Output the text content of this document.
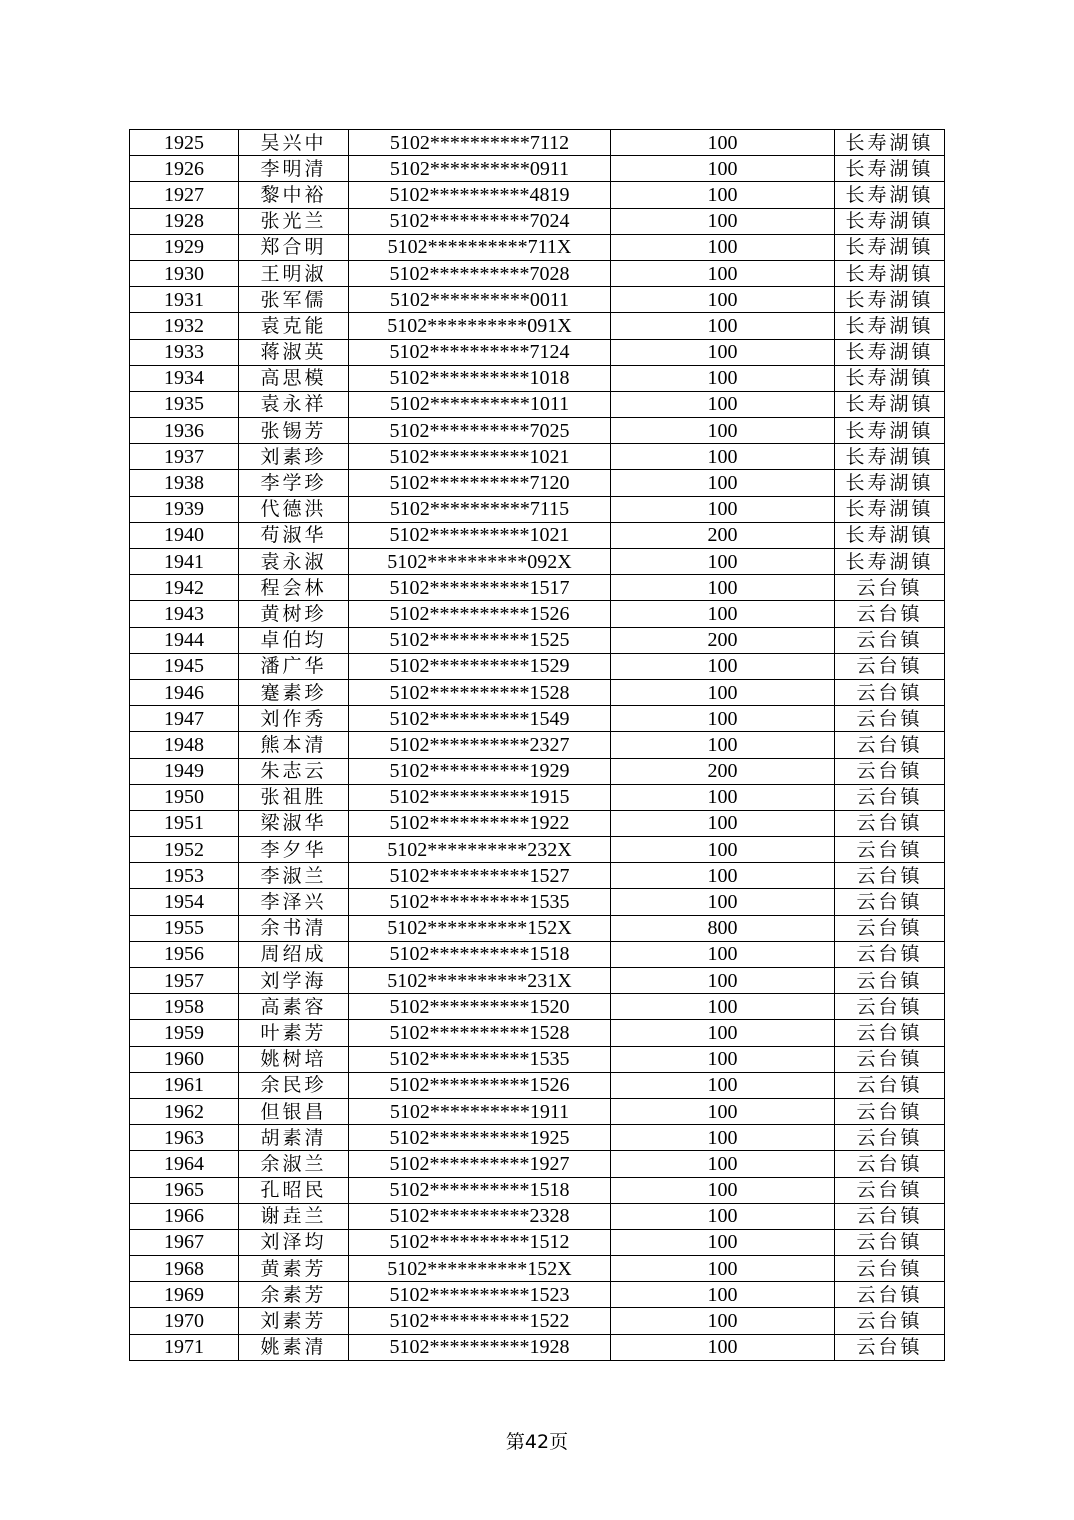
1925	吴兴中	5102**********7112	100	长寿湖镇
1926	李明清	5102**********0911	100	长寿湖镇
1927	黎中裕	5102**********4819	100	长寿湖镇
1928	张光兰	5102**********7024	100	长寿湖镇
1929	郑合明	5102**********711X	100	长寿湖镇
1930	王明淑	5102**********7028	100	长寿湖镇
1931	张军儒	5102**********0011	100	长寿湖镇
1932	袁克能	5102**********091X	100	长寿湖镇
1933	蒋淑英	5102**********7124	100	长寿湖镇
1934	高思模	5102**********1018	100	长寿湖镇
1935	袁永祥	5102**********1011	100	长寿湖镇
1936	张锡芳	5102**********7025	100	长寿湖镇
1937	刘素珍	5102**********1021	100	长寿湖镇
1938	李学珍	5102**********7120	100	长寿湖镇
1939	代德洪	5102**********7115	100	长寿湖镇
1940	苟淑华	5102**********1021	200	长寿湖镇
1941	袁永淑	5102**********092X	100	长寿湖镇
1942	程会林	5102**********1517	100	云台镇
1943	黄树珍	5102**********1526	100	云台镇
1944	卓伯均	5102**********1525	200	云台镇
1945	潘广华	5102**********1529	100	云台镇
1946	蹇素珍	5102**********1528	100	云台镇
1947	刘作秀	5102**********1549	100	云台镇
1948	熊本清	5102**********2327	100	云台镇
1949	朱志云	5102**********1929	200	云台镇
1950	张祖胜	5102**********1915	100	云台镇
1951	梁淑华	5102**********1922	100	云台镇
1952	李夕华	5102**********232X	100	云台镇
1953	李淑兰	5102**********1527	100	云台镇
1954	李泽兴	5102**********1535	100	云台镇
1955	余书清	5102**********152X	800	云台镇
1956	周绍成	5102**********1518	100	云台镇
1957	刘学海	5102**********231X	100	云台镇
1958	高素容	5102**********1520	100	云台镇
1959	叶素芳	5102**********1528	100	云台镇
1960	姚树培	5102**********1535	100	云台镇
1961	余民珍	5102**********1526	100	云台镇
1962	但银昌	5102**********1911	100	云台镇
1963	胡素清	5102**********1925	100	云台镇
1964	余淑兰	5102**********1927	100	云台镇
1965	孔昭民	5102**********1518	100	云台镇
1966	谢垚兰	5102**********2328	100	云台镇
1967	刘泽均	5102**********1512	100	云台镇
1968	黄素芳	5102**********152X	100	云台镇
1969	余素芳	5102**********1523	100	云台镇
1970	刘素芳	5102**********1522	100	云台镇
1971	姚素清	5102**********1928	100	云台镇
第42页
